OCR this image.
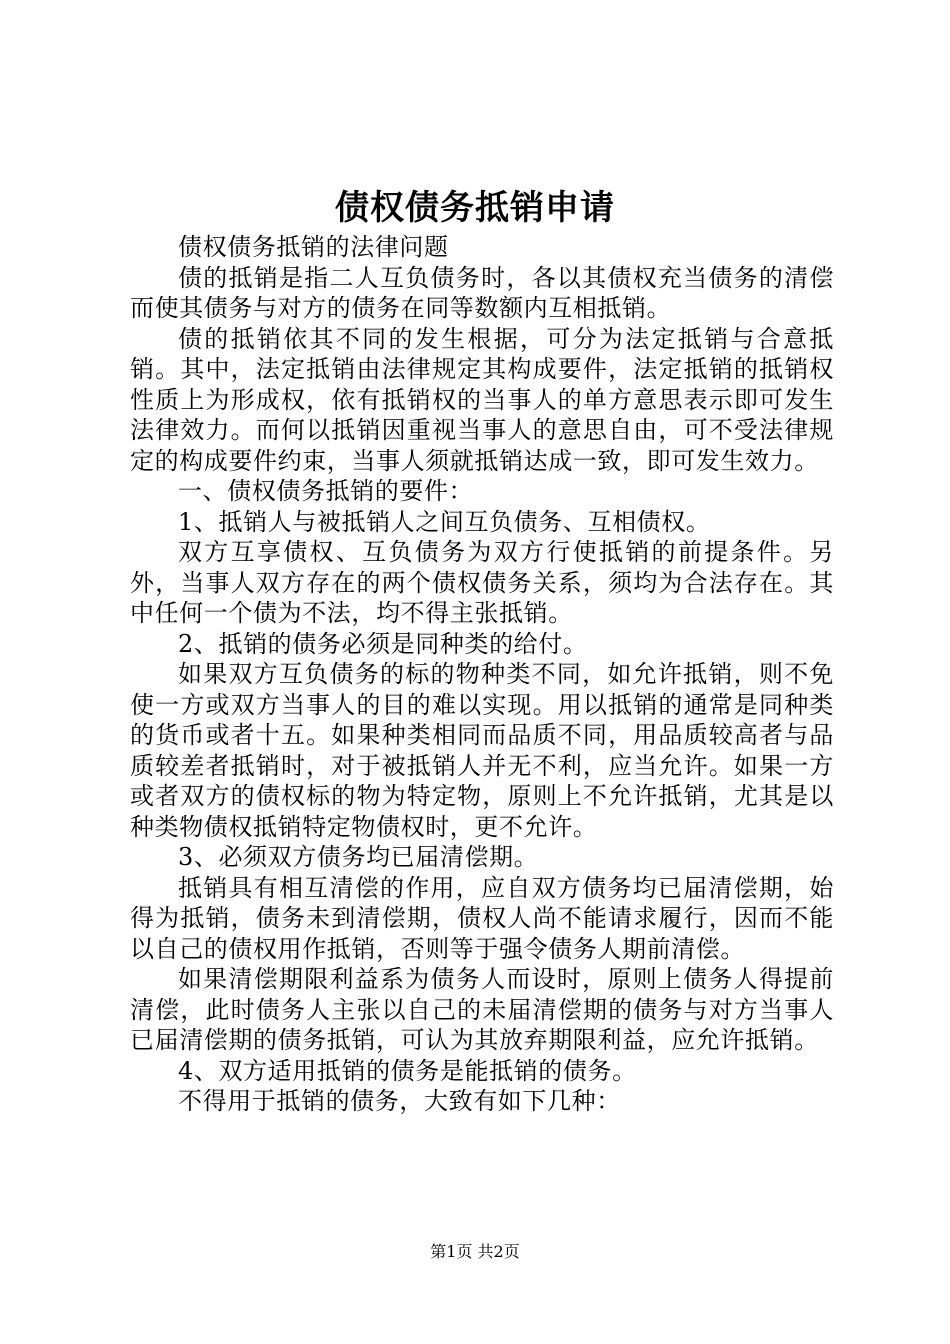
债权债务抵销申请

债权债务抵销的法律问题

债的抵销是指二人互负债务时，各以其债权充当债务的清偿而使其债务与对方的债务在同等数额内互相抵销。

债的抵销依其不同的发生根据，可分为法定抵销与合意抵销。其中，法定抵销由法律规定其构成要件，法定抵销的抵销权性质上为形成权，依有抵销权的当事人的单方意思表示即可发生法律效力。而何以抵销因重视当事人的意思自由，可不受法律规定的构成要件约束，当事人须就抵销达成一致，即可发生效力。

一、债权债务抵销的要件：

1、抵销人与被抵销人之间互负债务、互相债权。

双方互享债权、互负债务为双方行使抵销的前提条件。另外，当事人双方存在的两个债权债务关系，须均为合法存在。其中任何一个债为不法，均不得主张抵销。

2、抵销的债务必须是同种类的给付。

如果双方互负债务的标的物种类不同，如允许抵销，则不免使一方或双方当事人的目的难以实现。用以抵销的通常是同种类的货币或者十五。如果种类相同而品质不同，用品质较高者与品质较差者抵销时，对于被抵销人并无不利，应当允许。如果一方或者双方的债权标的物为特定物，原则上不允许抵销，尤其是以种类物债权抵销特定物债权时，更不允许。

3、必须双方债务均已届清偿期。

抵销具有相互清偿的作用，应自双方债务均已届清偿期，始得为抵销，债务未到清偿期，债权人尚不能请求履行，因而不能以自己的债权用作抵销，否则等于强令债务人期前清偿。

如果清偿期限利益系为债务人而设时，原则上债务人得提前清偿，此时债务人主张以自己的未届清偿期的债务与对方当事人已届清偿期的债务抵销，可认为其放弃期限利益，应允许抵销。

4、双方适用抵销的债务是能抵销的债务。

不得用于抵销的债务，大致有如下几种：

第1页 共2页
